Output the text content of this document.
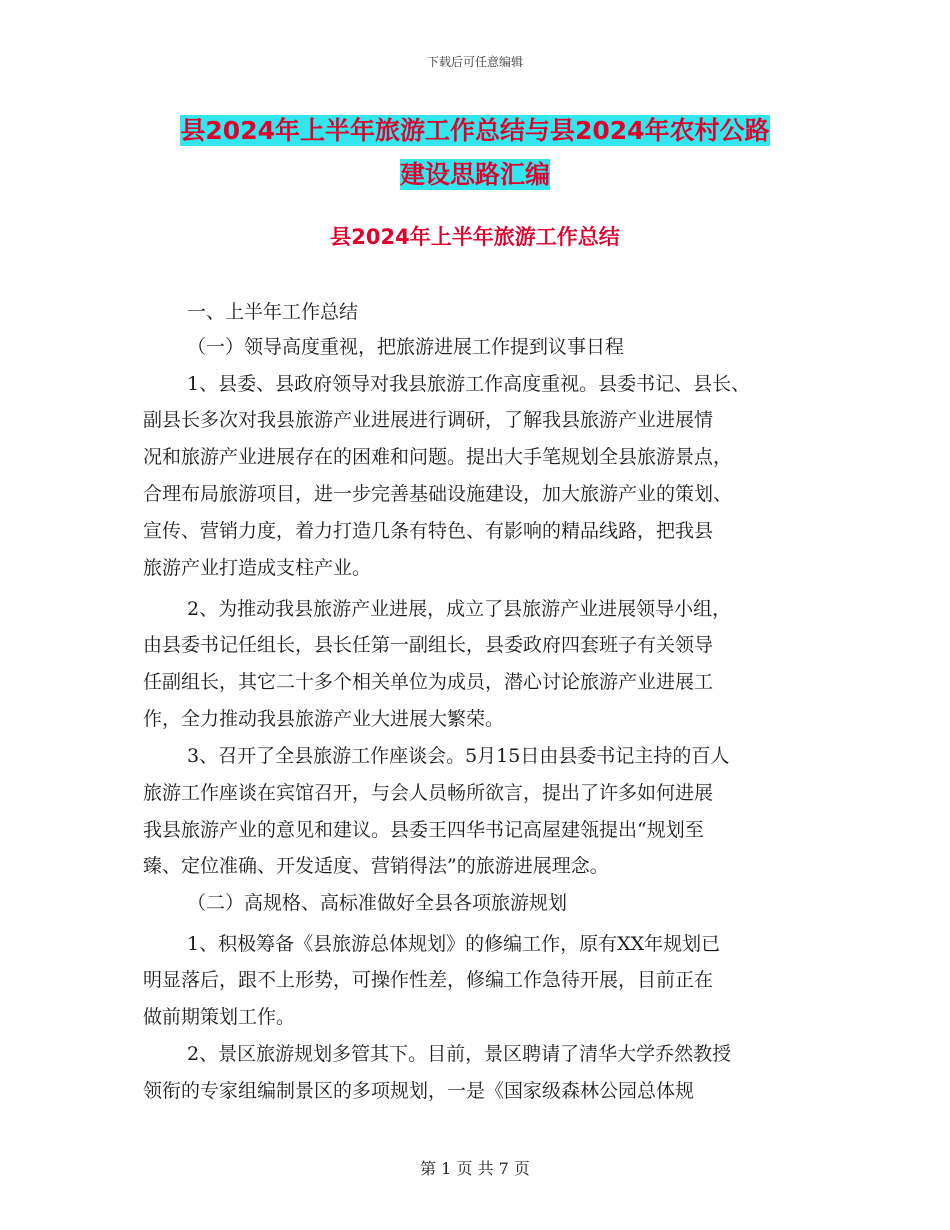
下载后可任意编辑
县2024年上半年旅游工作总结与县2024年农村公路
建设思路汇编
县2024年上半年旅游工作总结
一、上半年工作总结
（一）领导高度重视，把旅游进展工作提到议事日程
1、县委、县政府领导对我县旅游工作高度重视。县委书记、县长、
副县长多次对我县旅游产业进展进行调研，了解我县旅游产业进展情
况和旅游产业进展存在的困难和问题。提出大手笔规划全县旅游景点，
合理布局旅游项目，进一步完善基础设施建设，加大旅游产业的策划、
宣传、营销力度，着力打造几条有特色、有影响的精品线路，把我县
旅游产业打造成支柱产业。
2、为推动我县旅游产业进展，成立了县旅游产业进展领导小组，
由县委书记任组长，县长任第一副组长，县委政府四套班子有关领导
任副组长，其它二十多个相关单位为成员，潜心讨论旅游产业进展工
作，全力推动我县旅游产业大进展大繁荣。
3、召开了全县旅游工作座谈会。5月15日由县委书记主持的百人
旅游工作座谈在宾馆召开，与会人员畅所欲言，提出了许多如何进展
我县旅游产业的意见和建议。县委王四华书记高屋建瓴提出“规划至
臻、定位准确、开发适度、营销得法”的旅游进展理念。
（二）高规格、高标准做好全县各项旅游规划
1、积极筹备《县旅游总体规划》的修编工作，原有XX年规划已
明显落后，跟不上形势，可操作性差，修编工作急待开展，目前正在
做前期策划工作。
2、景区旅游规划多管其下。目前，景区聘请了清华大学乔然教授
领衔的专家组编制景区的多项规划，一是《国家级森林公园总体规
第 1 页 共 7 页
